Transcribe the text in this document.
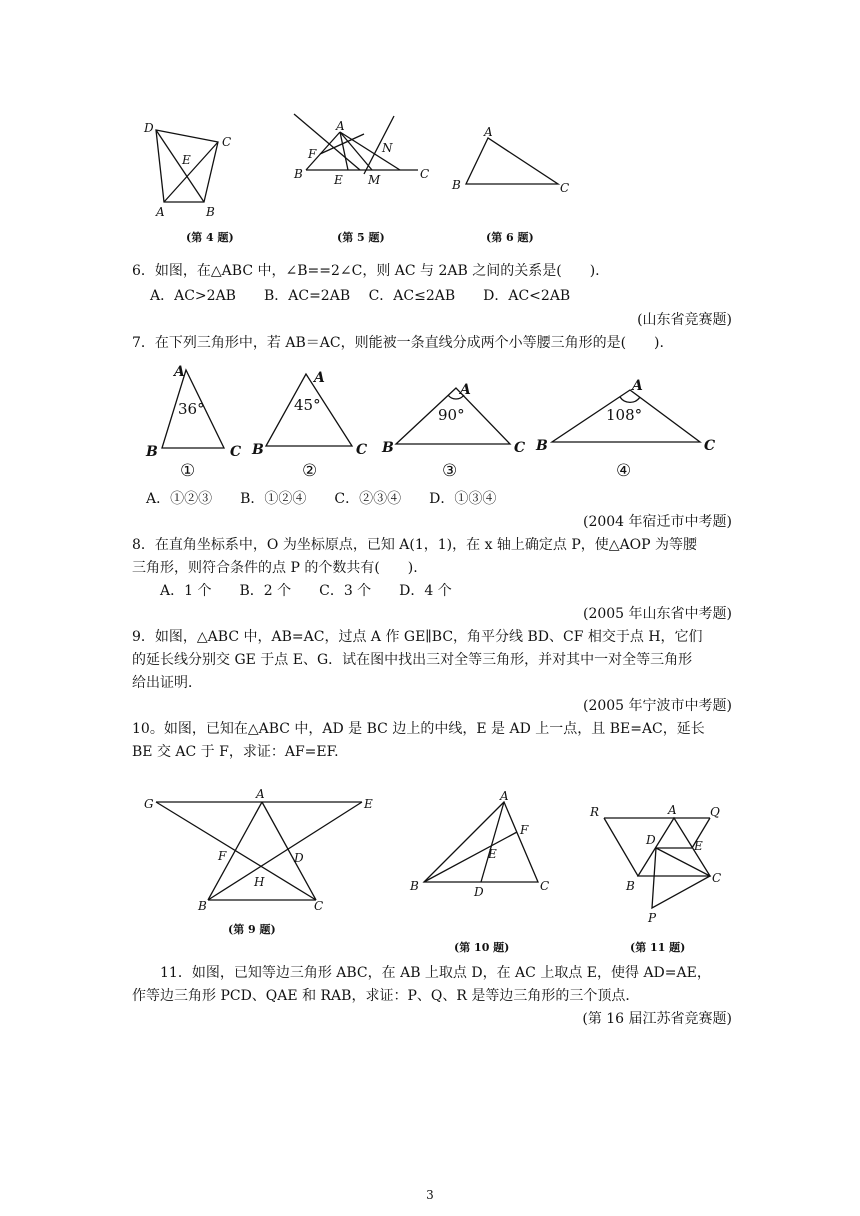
D
C
E
A	B
(第 4 题)
A
N
F
B	E M	C
(第 5 题)
A
B	C
(第 6 题)
6．如图，在△ABC 中，∠B==2∠C，则 AC 与 2AB 之间的关系是(　　).
A．AC>2AB　　B．AC=2AB　 C．AC≤2AB　　D．AC<2AB
(山东省竞赛题)
7．在下列三角形中，若 AB＝AC，则能被一条直线分成两个小等腰三角形的是(　　).
A
B	C
36°
①
A
B	C
45°
②
A
B	C
90°
③
A
B	C
108°
④
A．①②③　　B．①②④　　C．②③④　　D．①③④
(2004 年宿迁市中考题)
8．在直角坐标系中，O 为坐标原点，已知 A(1，1)，在 x 轴上确定点 P，使△AOP 为等腰
三角形，则符合条件的点 P 的个数共有(　　).
A．1 个　　B．2 个　　C．3 个　　D．4 个
(2005 年山东省中考题)
9．如图，△ABC 中，AB=AC，过点 A 作 GE∥BC，角平分线 BD、CF 相交于点 H，它们
的延长线分别交 GE 于点 E、G．试在图中找出三对全等三角形，并对其中一对全等三角形
给出证明．
(2005 年宁波市中考题)
10。如图，已知在△ABC 中，AD 是 BC 边上的中线，E 是 AD 上一点，且 BE=AC，延长
BE 交 AC 于 F，求证：AF=EF.
G
A
E
F	D
H
B	C
(第 9 题)
A
F
E
B	D	C
(第 10 题)
R	A	Q
D	E
B
C
P
(第 11 题)
11．如图，已知等边三角形 ABC，在 AB 上取点 D，在 AC 上取点 E，使得 AD=AE，
作等边三角形 PCD、QAE 和 RAB，求证：P、Q、R 是等边三角形的三个顶点．
(第 16 届江苏省竞赛题)
3
